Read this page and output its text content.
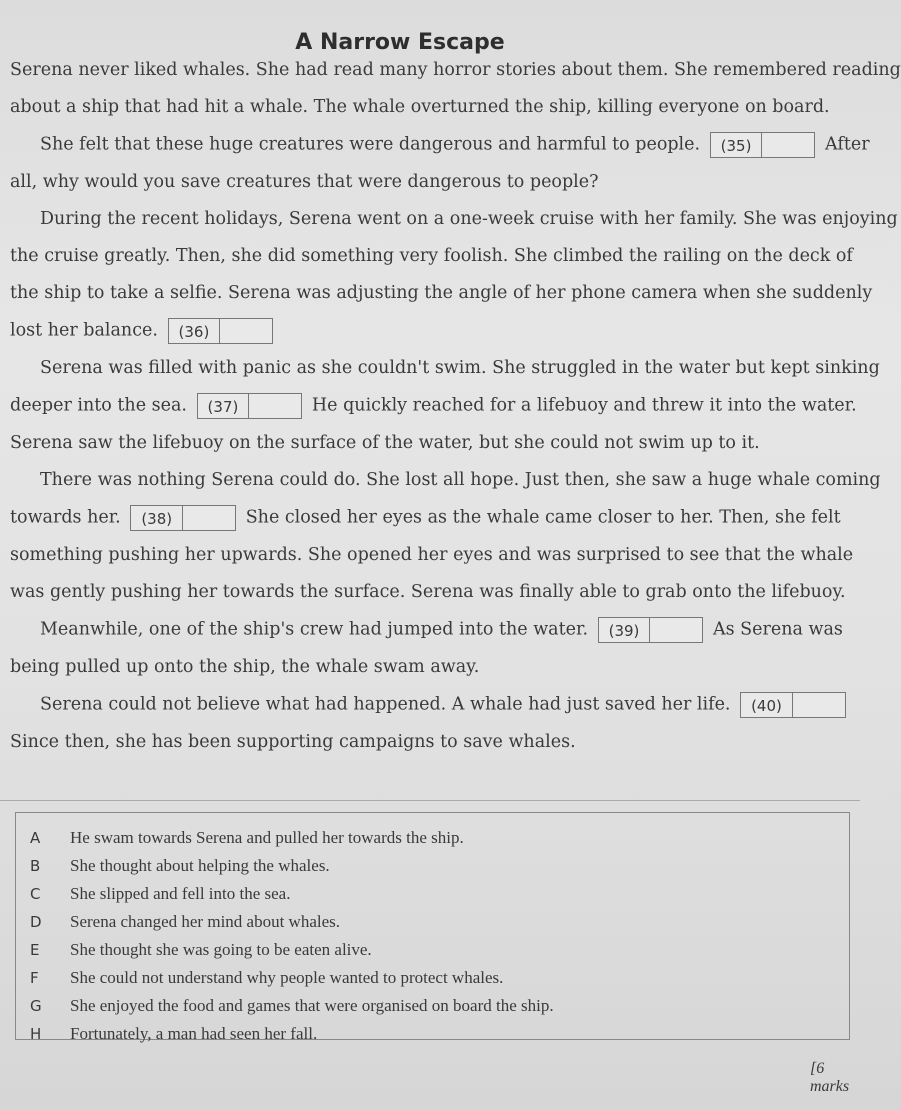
A Narrow Escape
Serena never liked whales. She had read many horror stories about them. She remembered reading
about a ship that had hit a whale. The whale overturned the ship, killing everyone on board.
She felt that these huge creatures were dangerous and harmful to people.	(35)	After
all, why would you save creatures that were dangerous to people?
During the recent holidays, Serena went on a one-week cruise with her family. She was enjoying
the cruise greatly. Then, she did something very foolish. She climbed the railing on the deck of
the ship to take a selfie. Serena was adjusting the angle of her phone camera when she suddenly
lost her balance.	(36)
Serena was filled with panic as she couldn't swim. She struggled in the water but kept sinking
deeper into the sea.	(37)	He quickly reached for a lifebuoy and threw it into the water.
Serena saw the lifebuoy on the surface of the water, but she could not swim up to it.
There was nothing Serena could do. She lost all hope. Just then, she saw a huge whale coming
towards her.	(38)	She closed her eyes as the whale came closer to her. Then, she felt
something pushing her upwards. She opened her eyes and was surprised to see that the whale
was gently pushing her towards the surface. Serena was finally able to grab onto the lifebuoy.
Meanwhile, one of the ship's crew had jumped into the water.	(39)	As Serena was
being pulled up onto the ship, the whale swam away.
Serena could not believe what had happened. A whale had just saved her life.	(40)
Since then, she has been supporting campaigns to save whales.
A	He swam towards Serena and pulled her towards the ship.
B	She thought about helping the whales.
C	She slipped and fell into the sea.
D	Serena changed her mind about whales.
E	She thought she was going to be eaten alive.
F	She could not understand why people wanted to protect whales.
G	She enjoyed the food and games that were organised on board the ship.
H	Fortunately, a man had seen her fall.
[6 marks
